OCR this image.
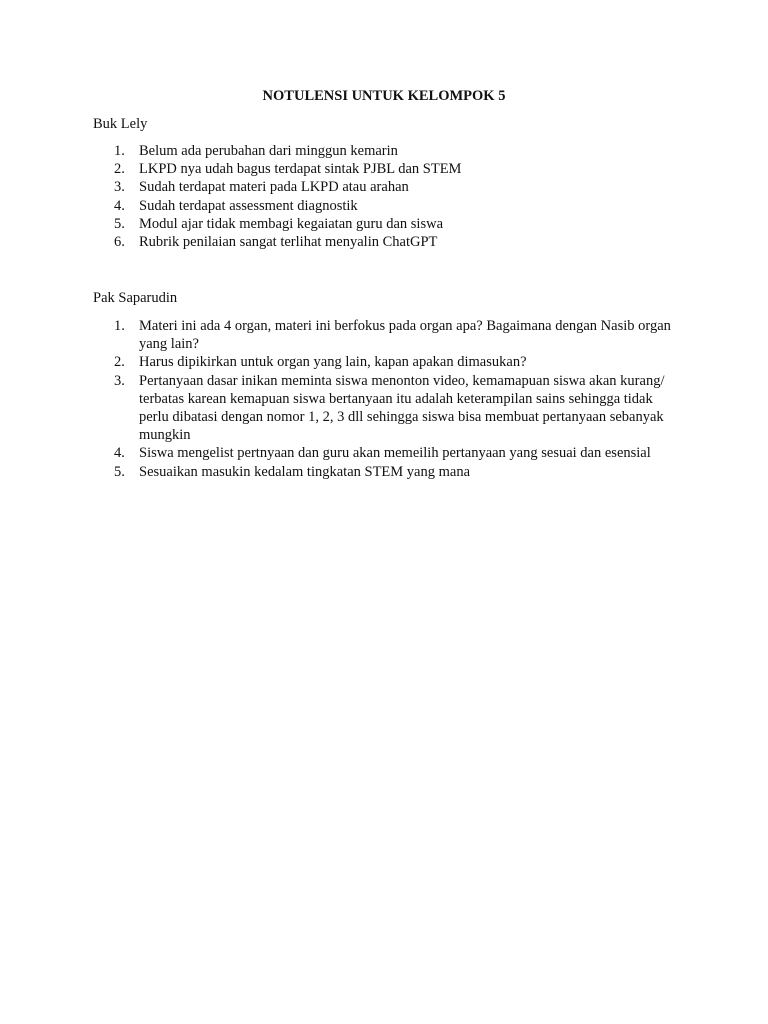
NOTULENSI UNTUK KELOMPOK 5

Buk Lely

1. Belum ada perubahan dari minggun kemarin
2. LKPD nya udah bagus terdapat sintak PJBL dan STEM
3. Sudah terdapat materi pada LKPD atau arahan
4. Sudah terdapat assessment diagnostik
5. Modul ajar tidak membagi kegaiatan guru dan siswa
6. Rubrik penilaian sangat terlihat menyalin ChatGPT

Pak Saparudin

1. Materi ini ada 4 organ, materi ini berfokus pada organ apa? Bagaimana dengan Nasib organ yang lain?
2. Harus dipikirkan untuk organ yang lain, kapan apakan dimasukan?
3. Pertanyaan dasar inikan meminta siswa menonton video, kemamapuan siswa akan kurang/ terbatas karean kemapuan siswa bertanyaan itu adalah keterampilan sains sehingga tidak perlu dibatasi dengan nomor 1, 2, 3 dll sehingga siswa bisa membuat pertanyaan sebanyak mungkin
4. Siswa mengelist pertnyaan dan guru akan memeilih pertanyaan yang sesuai dan esensial
5. Sesuaikan masukin kedalam tingkatan STEM yang mana
